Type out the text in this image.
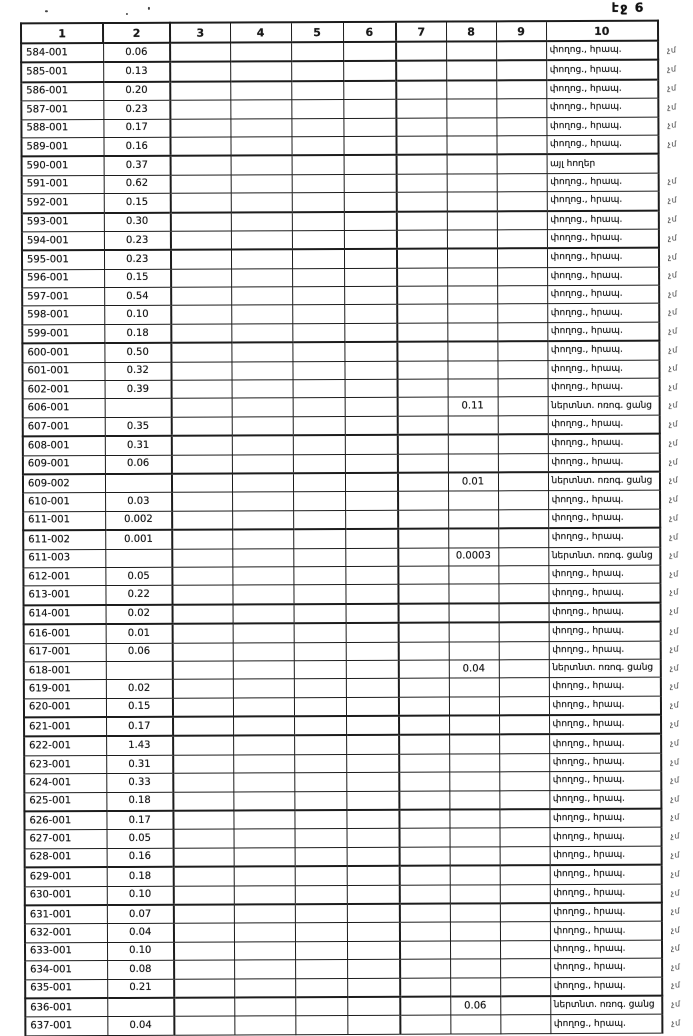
էջ 6
1	2	3	4	5	6	7	8	9	10	
584-001	0.06								փողոց., հրապ.	չմ
585-001	0.13								փողոց., հրապ.	չմ
586-001	0.20								փողոց., հրապ.	չմ
587-001	0.23								փողոց., հրապ.	չմ
588-001	0.17								փողոց., հրապ.	չմ
589-001	0.16								փողոց., հրապ.	չմ
590-001	0.37								այլ հողեր	
591-001	0.62								փողոց., հրապ.	չմ
592-001	0.15								փողոց., հրապ.	չմ
593-001	0.30								փողոց., հրապ.	չմ
594-001	0.23								փողոց., հրապ.	չմ
595-001	0.23								փողոց., հրապ.	չմ
596-001	0.15								փողոց., հրապ.	չմ
597-001	0.54								փողոց., հրապ.	չմ
598-001	0.10								փողոց., հրապ.	չմ
599-001	0.18								փողոց., հրապ.	չմ
600-001	0.50								փողոց., հրապ.	չմ
601-001	0.32								փողոց., հրապ.	չմ
602-001	0.39								փողոց., հրապ.	չմ
606-001							0.11		ներտնտ. ոռոգ. ցանց	չմ
607-001	0.35								փողոց., հրապ.	չմ
608-001	0.31								փողոց., հրապ.	չմ
609-001	0.06								փողոց., հրապ.	չմ
609-002							0.01		ներտնտ. ոռոգ. ցանց	չմ
610-001	0.03								փողոց., հրապ.	չմ
611-001	0.002								փողոց., հրապ.	չմ
611-002	0.001								փողոց., հրապ.	չմ
611-003							0.0003		ներտնտ. ոռոգ. ցանց	չմ
612-001	0.05								փողոց., հրապ.	չմ
613-001	0.22								փողոց., հրապ.	չմ
614-001	0.02								փողոց., հրապ.	չմ
616-001	0.01								փողոց., հրապ.	չմ
617-001	0.06								փողոց., հրապ.	չմ
618-001							0.04		ներտնտ. ոռոգ. ցանց	չմ
619-001	0.02								փողոց., հրապ.	չմ
620-001	0.15								փողոց., հրապ.	չմ
621-001	0.17								փողոց., հրապ.	չմ
622-001	1.43								փողոց., հրապ.	չմ
623-001	0.31								փողոց., հրապ.	չմ
624-001	0.33								փողոց., հրապ.	չմ
625-001	0.18								փողոց., հրապ.	չմ
626-001	0.17								փողոց., հրապ.	չմ
627-001	0.05								փողոց., հրապ.	չմ
628-001	0.16								փողոց., հրապ.	չմ
629-001	0.18								փողոց., հրապ.	չմ
630-001	0.10								փողոց., հրապ.	չմ
631-001	0.07								փողոց., հրապ.	չմ
632-001	0.04								փողոց., հրապ.	չմ
633-001	0.10								փողոց., հրապ.	չմ
634-001	0.08								փողոց., հրապ.	չմ
635-001	0.21								փողոց., հրապ.	չմ
636-001							0.06		ներտնտ. ոռոգ. ցանց	չմ
637-001	0.04								փողոց., հրապ.	չմ
